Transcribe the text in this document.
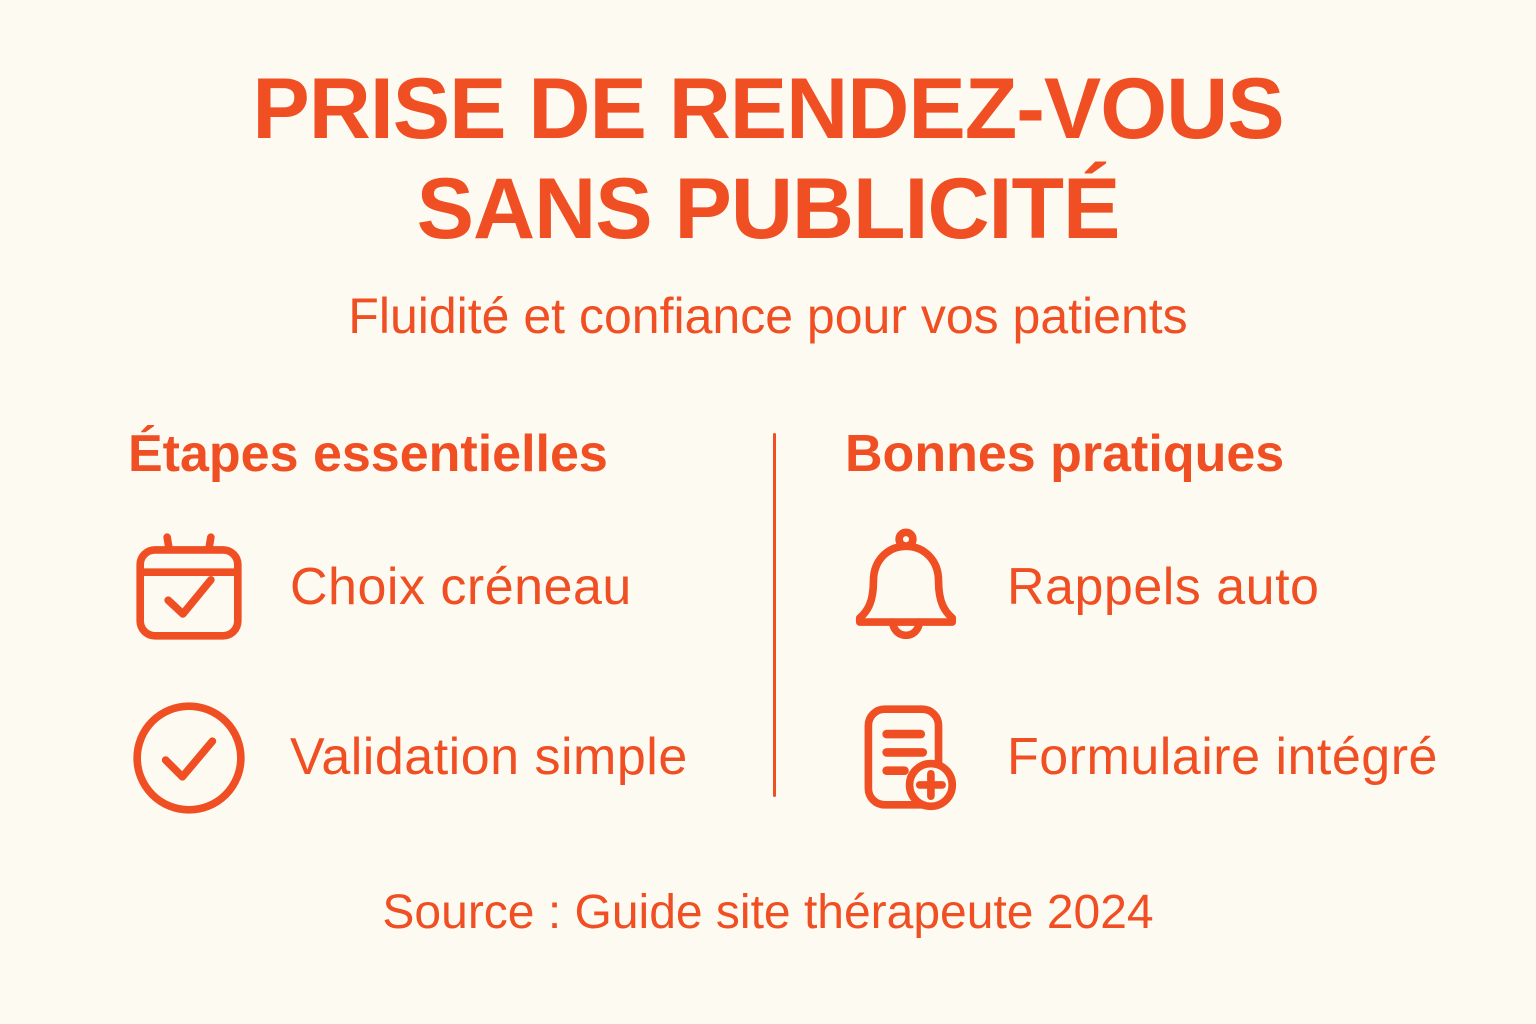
PRISE DE RENDEZ-VOUS
SANS PUBLICITÉ

Fluidité et confiance pour vos patients

Étapes essentielles
Choix créneau
Validation simple
Bonnes pratiques
Rappels auto
Formulaire intégré

Source : Guide site thérapeute 2024
